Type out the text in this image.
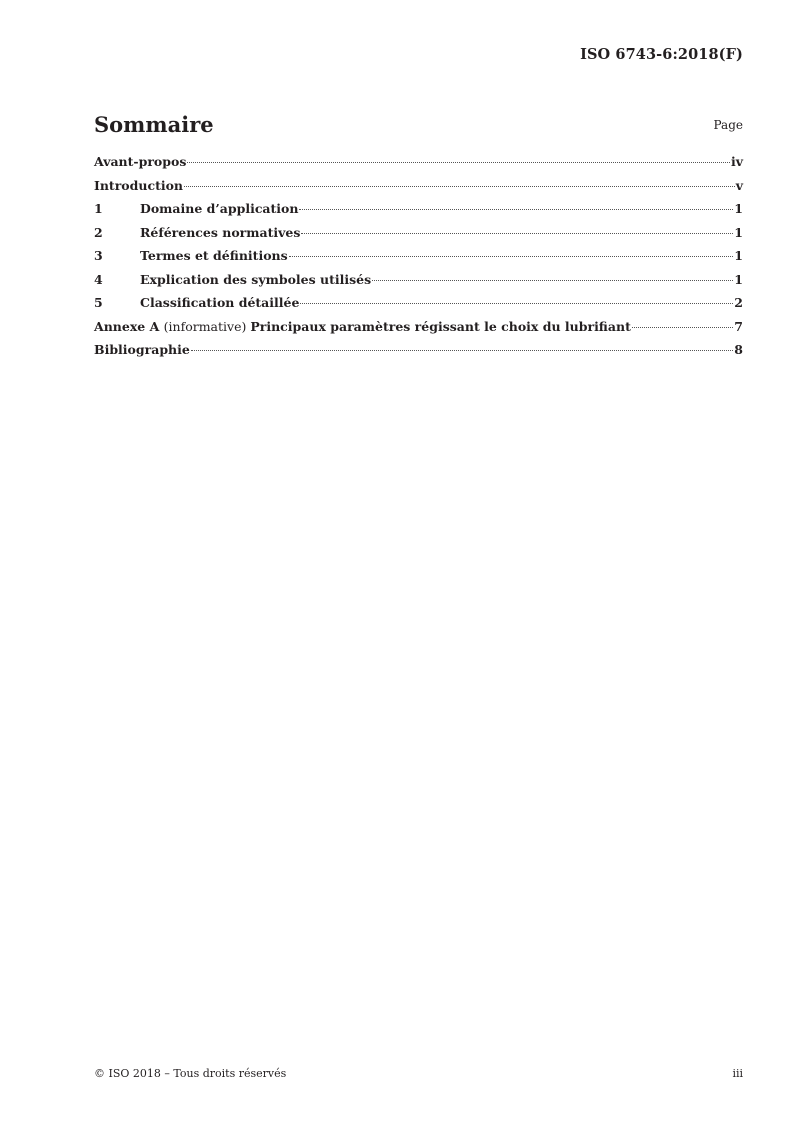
ISO 6743-6:2018(F)
Sommaire	Page
Avant-propos	iv
Introduction	v
1	Domaine d’application	1
2	Références normatives	1
3	Termes et définitions	1
4	Explication des symboles utilisés	1
5	Classification détaillée	2
Annexe A (informative) Principaux paramètres régissant le choix du lubrifiant	7
Bibliographie	8
© ISO 2018 – Tous droits réservés	iii
